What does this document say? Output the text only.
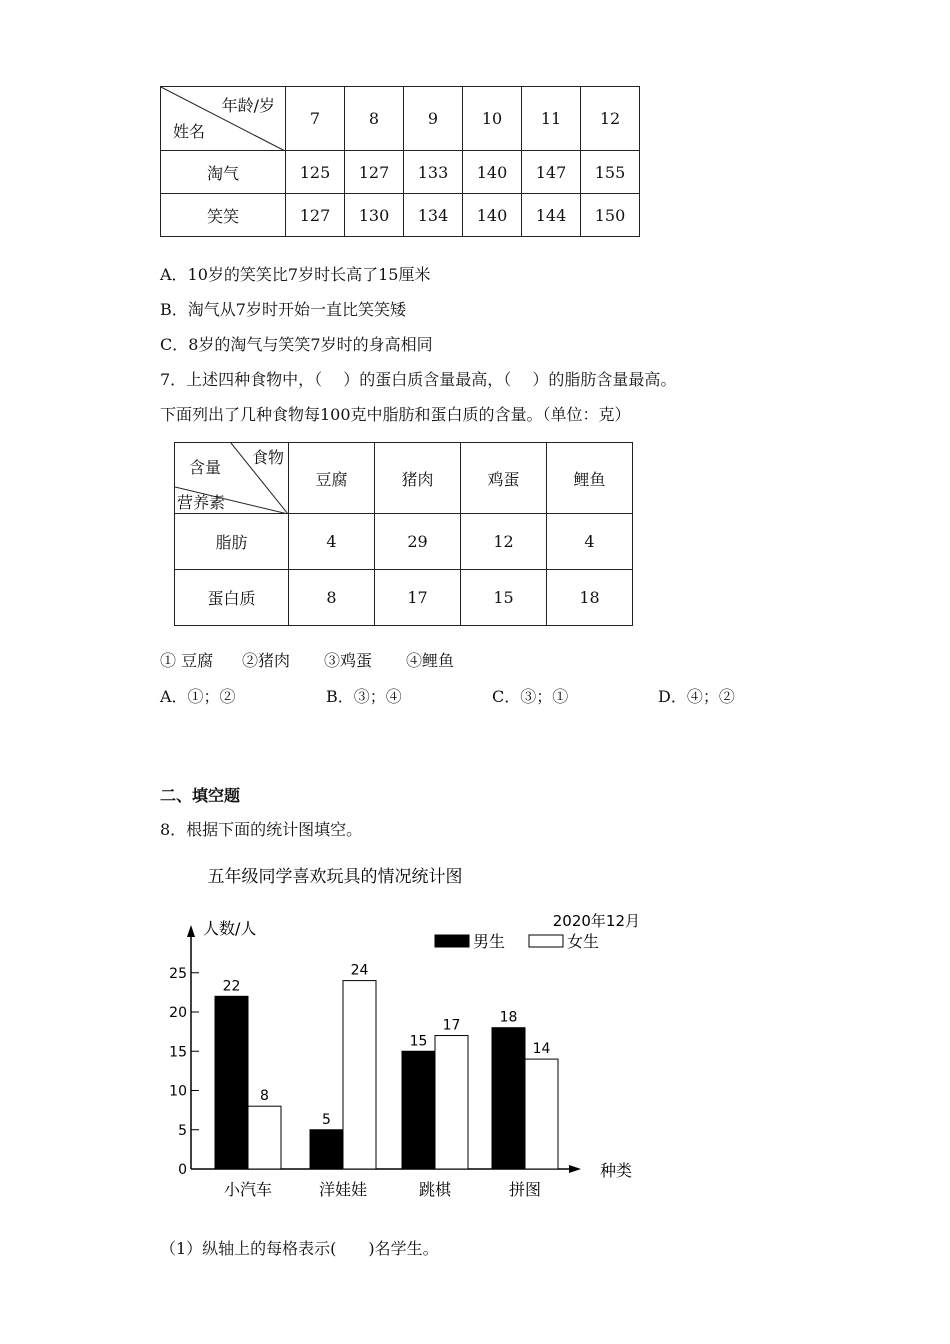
年龄/岁
姓名	7	8	9	10	11	12
淘气	125	127	133	140	147	155
笑笑	127	130	134	140	144	150
A．10岁的笑笑比7岁时长高了15厘米
B．淘气从7岁时开始一直比笑笑矮
C．8岁的淘气与笑笑7岁时的身高相同
7．上述四种食物中，（　 ）的蛋白质含量最高，（　 ）的脂肪含量最高。
下面列出了几种食物每100克中脂肪和蛋白质的含量。（单位：克）
含量
食物
营养素	豆腐	猪肉	鸡蛋	鲤鱼
脂肪	4	29	12	4
蛋白质	8	17	15	18
① 豆腐 ②猪肉 ③鸡蛋 ④鲤鱼
A．①；②	B．③；④	C．③；①	D．④；②
二、填空题
8．根据下面的统计图填空。
五年级同学喜欢玩具的情况统计图
2020年12月
人数/人
种类
0
5
10
15
20
25
男生	女生
22
8
小汽车
5
24
洋娃娃
15
17
跳棋
18
14
拼图
（1）纵轴上的每格表示(　　)名学生。
